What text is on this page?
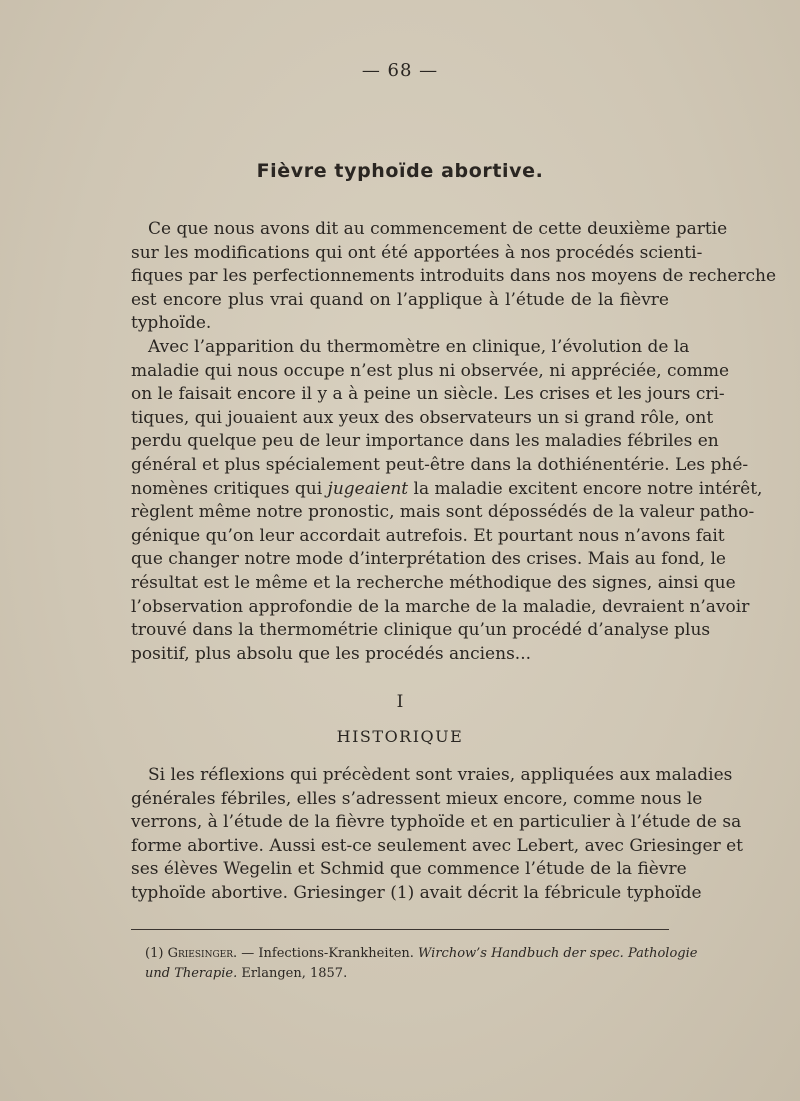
— 68 —
Fièvre typhoïde abortive.
Ce que nous avons dit au commencement de cette deuxième partie
sur les modifications qui ont été apportées à nos procédés scienti-
fiques par les perfectionnements introduits dans nos moyens de recherche
est encore plus vrai quand on l’applique à l’étude de la fièvre
typhoïde.
Avec l’apparition du thermomètre en clinique, l’évolution de la
maladie qui nous occupe n’est plus ni observée, ni appréciée, comme
on le faisait encore il y a à peine un siècle. Les crises et les jours cri-
tiques, qui jouaient aux yeux des observateurs un si grand rôle, ont
perdu quelque peu de leur importance dans les maladies fébriles en
général et plus spécialement peut-être dans la dothiénentérie. Les phé-
nomènes critiques qui jugeaient la maladie excitent encore notre intérêt,
règlent même notre pronostic, mais sont dépossédés de la valeur patho-
génique qu’on leur accordait autrefois. Et pourtant nous n’avons fait
que changer notre mode d’interprétation des crises. Mais au fond, le
résultat est le même et la recherche méthodique des signes, ainsi que
l’observation approfondie de la marche de la maladie, devraient n’avoir
trouvé dans la thermométrie clinique qu’un procédé d’analyse plus
positif, plus absolu que les procédés anciens...
I
HISTORIQUE
Si les réflexions qui précèdent sont vraies, appliquées aux maladies
générales fébriles, elles s’adressent mieux encore, comme nous le
verrons, à l’étude de la fièvre typhoïde et en particulier à l’étude de sa
forme abortive. Aussi est-ce seulement avec Lebert, avec Griesinger et
ses élèves Wegelin et Schmid que commence l’étude de la fièvre
typhoïde abortive. Griesinger (1) avait décrit la fébricule typhoïde
(1) Griesinger. — Infections-Krankheiten. Wirchow’s Handbuch der spec. Pathologie
und Therapie. Erlangen, 1857.
